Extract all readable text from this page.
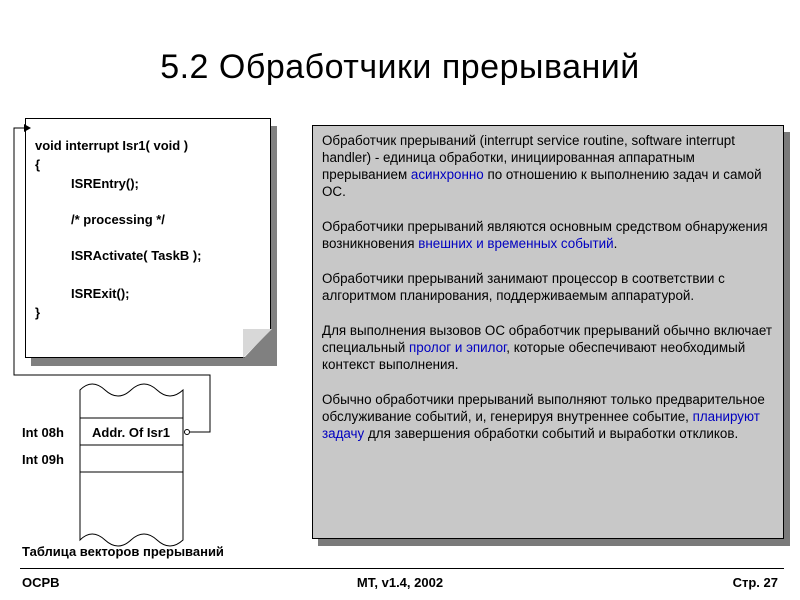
5.2 Обработчики прерываний
void interrupt Isr1( void )
{
ISREntry();
/* processing */
ISRActivate( TaskB );
ISRExit();
}
Int 08h Addr. Of Isr1
Int 09h
Таблица векторов прерываний

Обработчик прерываний (interrupt service routine, software interrupt handler) - единица обработки, инициированная аппаратным прерыванием асинхронно по отношению к выполнению задач и самой ОС.

Обработчики прерываний являются основным средством обнаружения возникновения внешних и временных событий.

Обработчики прерываний занимают процессор в соответствии с алгоритмом планирования, поддерживаемым аппаратурой.

Для выполнения вызовов ОС обработчик прерываний обычно включает специальный пролог и эпилог, которые обеспечивают необходимый контекст выполнения.

Обычно обработчики прерываний выполняют только предварительное обслуживание событий, и, генерируя внутреннее событие, планируют задачу для завершения обработки событий и выработки откликов.

ОСРВ	МТ, v1.4, 2002	Стр. 27
